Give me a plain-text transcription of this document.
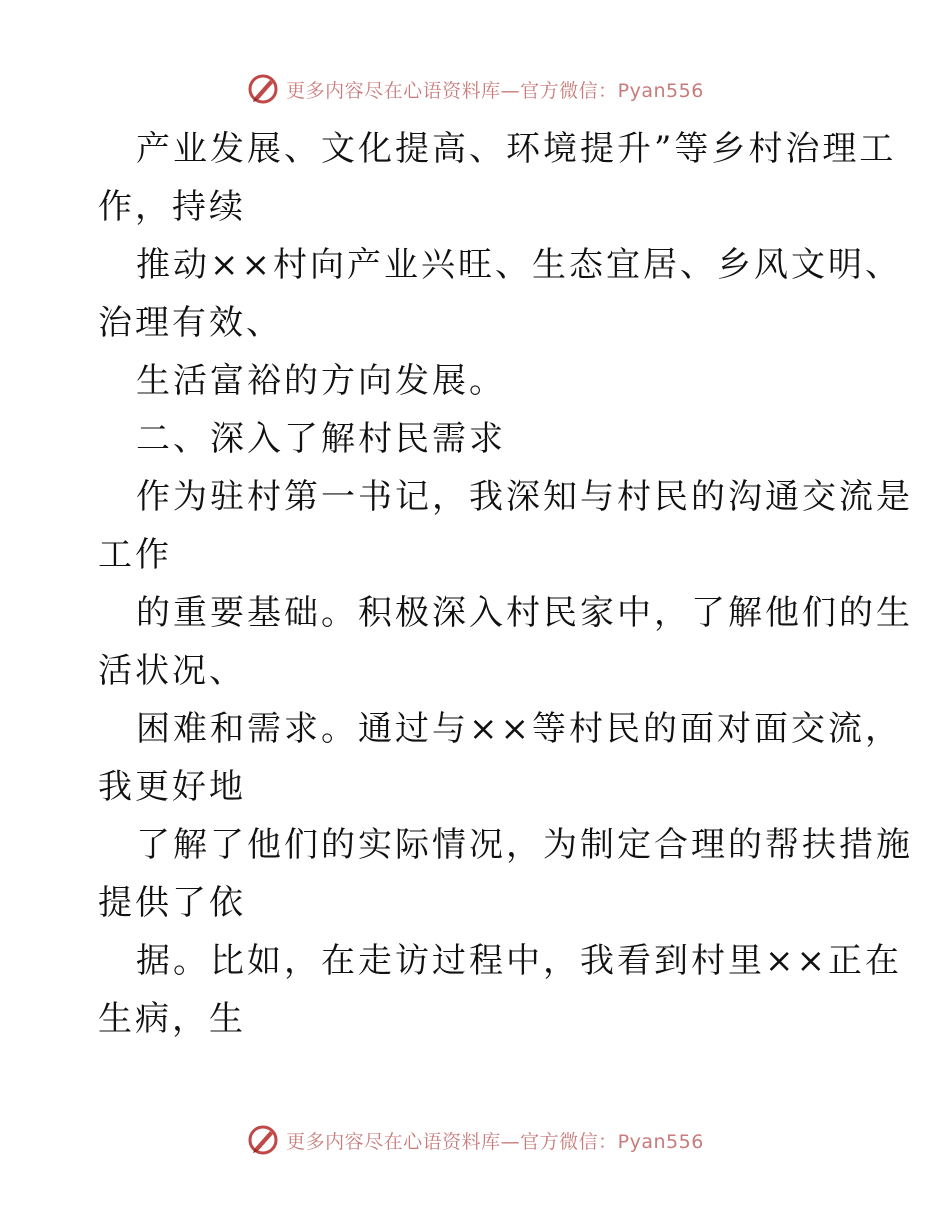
更多内容尽在心语资料库—官方微信：Pyan556
产业发展、文化提高、环境提升”等乡村治理工
作，持续
推动××村向产业兴旺、生态宜居、乡风文明、
治理有效、
生活富裕的方向发展。
二、深入了解村民需求
作为驻村第一书记，我深知与村民的沟通交流是
工作
的重要基础。积极深入村民家中，了解他们的生
活状况、
困难和需求。通过与××等村民的面对面交流，
我更好地
了解了他们的实际情况，为制定合理的帮扶措施
提供了依
据。比如，在走访过程中，我看到村里××正在
生病，生
更多内容尽在心语资料库—官方微信：Pyan556
